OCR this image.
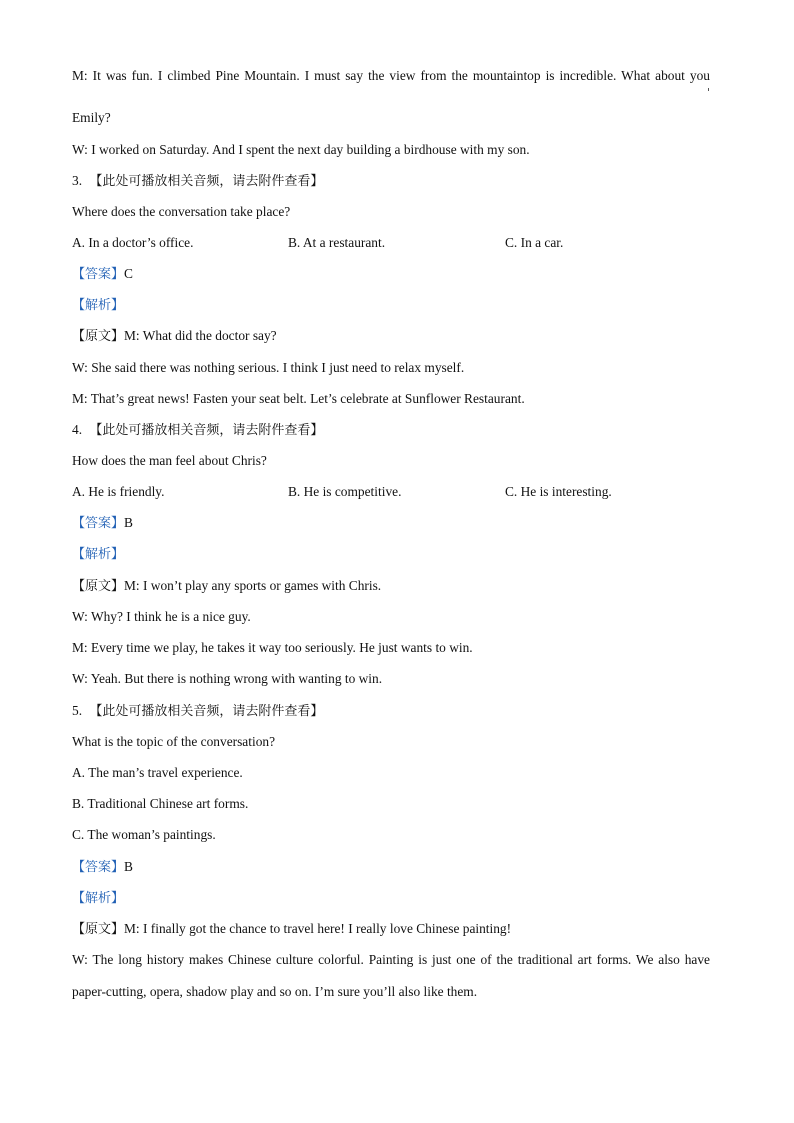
M: It was fun. I climbed Pine Mountain. I must say the view from the mountaintop is incredible. What about you
Emily?
W: I worked on Saturday. And I spent the next day building a birdhouse with my son.
3. 【此处可播放相关音频，请去附件查看】
Where does the conversation take place?
A. In a doctor’s office.	B. At a restaurant.	C. In a car.
【答案】C
【解析】
【原文】M: What did the doctor say?
W: She said there was nothing serious. I think I just need to relax myself.
M: That’s great news! Fasten your seat belt. Let’s celebrate at Sunflower Restaurant.
4. 【此处可播放相关音频，请去附件查看】
How does the man feel about Chris?
A. He is friendly.	B. He is competitive.	C. He is interesting.
【答案】B
【解析】
【原文】M: I won’t play any sports or games with Chris.
W: Why? I think he is a nice guy.
M: Every time we play, he takes it way too seriously. He just wants to win.
W: Yeah. But there is nothing wrong with wanting to win.
5. 【此处可播放相关音频，请去附件查看】
What is the topic of the conversation?
A. The man’s travel experience.
B. Traditional Chinese art forms.
C. The woman’s paintings.
【答案】B
【解析】
【原文】M: I finally got the chance to travel here! I really love Chinese painting!
W: The long history makes Chinese culture colorful. Painting is just one of the traditional art forms. We also have
paper-cutting, opera, shadow play and so on. I’m sure you’ll also like them.
